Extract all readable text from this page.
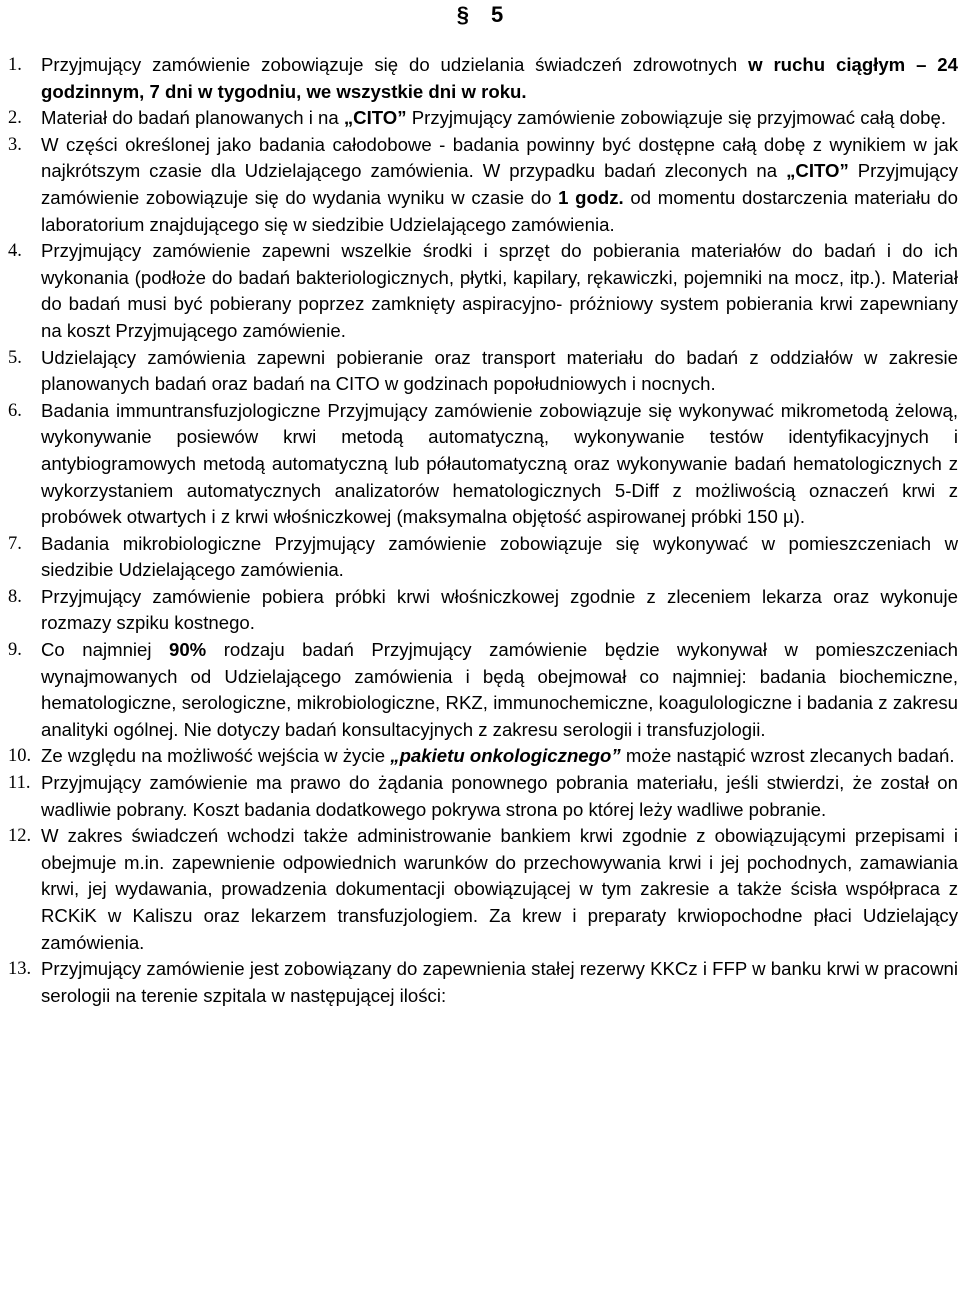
§ 5
1. Przyjmujący zamówienie zobowiązuje się do udzielania świadczeń zdrowotnych w ruchu ciągłym – 24 godzinnym, 7 dni w tygodniu, we wszystkie dni w roku.
2. Materiał do badań planowanych i na „CITO” Przyjmujący zamówienie zobowiązuje się przyjmować całą dobę.
3. W części określonej jako badania całodobowe - badania powinny być dostępne całą dobę z wynikiem w jak najkrótszym czasie dla Udzielającego zamówienia. W przypadku badań zleconych na „CITO” Przyjmujący zamówienie zobowiązuje się do wydania wyniku w czasie do 1 godz. od momentu dostarczenia materiału do laboratorium znajdującego się w siedzibie Udzielającego zamówienia.
4. Przyjmujący zamówienie zapewni wszelkie środki i sprzęt do pobierania materiałów do badań i do ich wykonania (podłoże do badań bakteriologicznych, płytki, kapilary, rękawiczki, pojemniki na mocz, itp.). Materiał do badań musi być pobierany poprzez zamknięty aspiracyjno- próżniowy system pobierania krwi zapewniany na koszt Przyjmującego zamówienie.
5. Udzielający zamówienia zapewni pobieranie oraz transport materiału do badań z oddziałów w zakresie planowanych badań oraz badań na CITO w godzinach popołudniowych i nocnych.
6. Badania immuntransfuzjologiczne Przyjmujący zamówienie zobowiązuje się wykonywać mikrometodą żelową, wykonywanie posiewów krwi metodą automatyczną, wykonywanie testów identyfikacyjnych i antybiogramowych metodą automatyczną lub półautomatyczną oraz wykonywanie badań hematologicznych z wykorzystaniem automatycznych analizatorów hematologicznych 5-Diff z możliwością oznaczeń krwi z probówek otwartych i z krwi włośniczkowej (maksymalna objętość aspirowanej próbki 150 µ).
7. Badania mikrobiologiczne Przyjmujący zamówienie zobowiązuje się wykonywać w pomieszczeniach w siedzibie Udzielającego zamówienia.
8. Przyjmujący zamówienie pobiera próbki krwi włośniczkowej zgodnie z zleceniem lekarza oraz wykonuje rozmazy szpiku kostnego.
9. Co najmniej 90% rodzaju badań Przyjmujący zamówienie będzie wykonywał w pomieszczeniach wynajmowanych od Udzielającego zamówienia i będą obejmował co najmniej: badania biochemiczne, hematologiczne, serologiczne, mikrobiologiczne, RKZ, immunochemiczne, koagulologiczne i badania z zakresu analityki ogólnej. Nie dotyczy badań konsultacyjnych z zakresu serologii i transfuzjologii.
10. Ze względu na możliwość wejścia w życie „pakietu onkologicznego” może nastąpić wzrost zlecanych badań.
11. Przyjmujący zamówienie ma prawo do żądania ponownego pobrania materiału, jeśli stwierdzi, że został on wadliwie pobrany. Koszt badania dodatkowego pokrywa strona po której leży wadliwe pobranie.
12. W zakres świadczeń wchodzi także administrowanie bankiem krwi zgodnie z obowiązującymi przepisami i obejmuje m.in. zapewnienie odpowiednich warunków do przechowywania krwi i jej pochodnych, zamawiania krwi, jej wydawania, prowadzenia dokumentacji obowiązującej w tym zakresie a także ścisła współpraca z RCKiK w Kaliszu oraz lekarzem transfuzjologiem. Za krew i preparaty krwiopochodne płaci Udzielający zamówienia.
13. Przyjmujący zamówienie jest zobowiązany do zapewnienia stałej rezerwy KKCz i FFP w banku krwi w pracowni serologii na terenie szpitala w następującej ilości:
